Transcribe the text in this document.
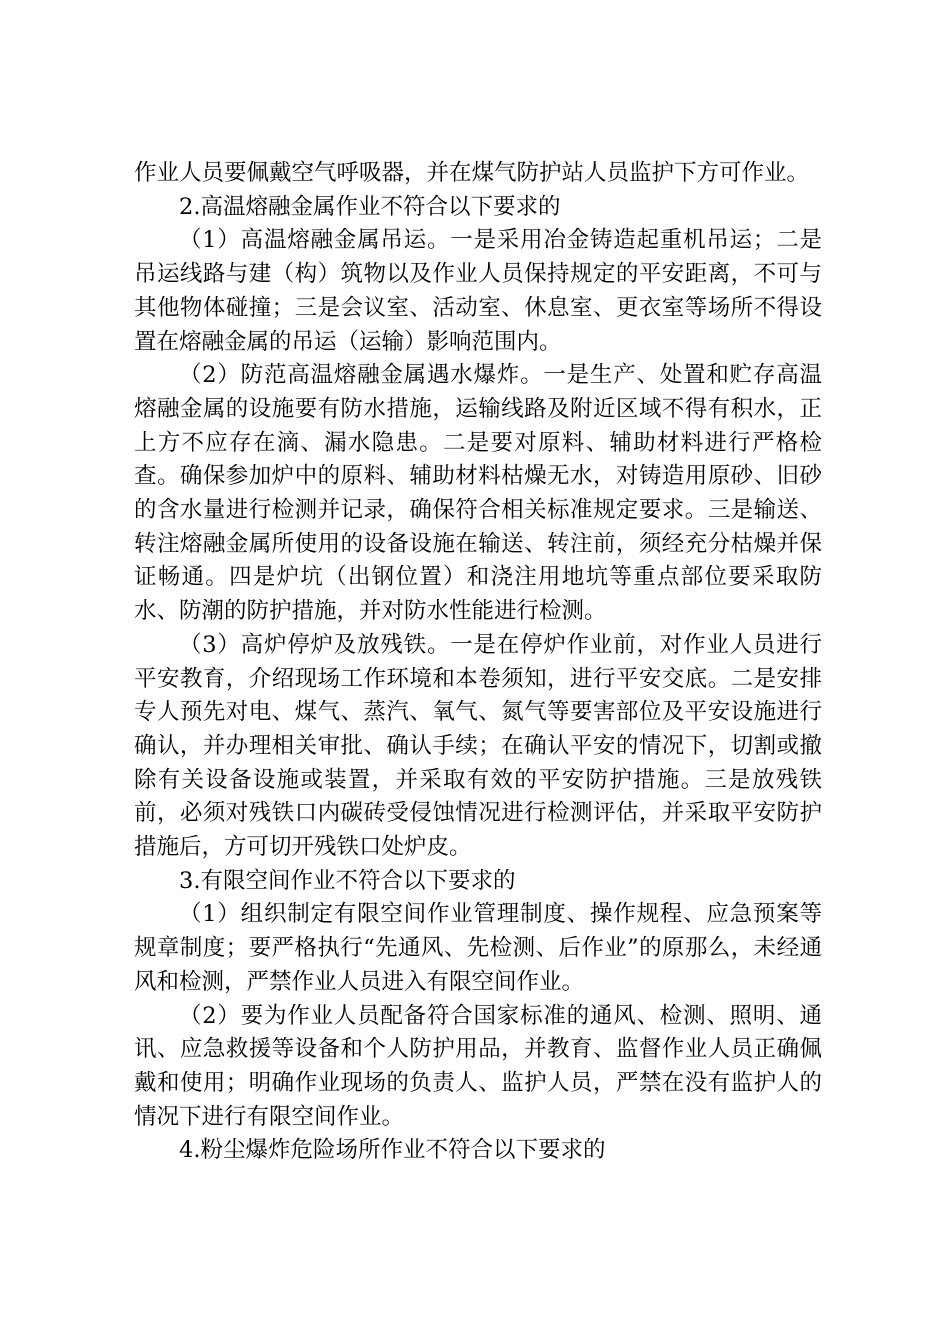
作业人员要佩戴空气呼吸器，并在煤气防护站人员监护下方可作业。

2.高温熔融金属作业不符合以下要求的

（1）高温熔融金属吊运。一是采用冶金铸造起重机吊运；二是吊运线路与建（构）筑物以及作业人员保持规定的平安距离，不可与其他物体碰撞；三是会议室、活动室、休息室、更衣室等场所不得设置在熔融金属的吊运（运输）影响范围内。

（2）防范高温熔融金属遇水爆炸。一是生产、处置和贮存高温熔融金属的设施要有防水措施，运输线路及附近区域不得有积水，正上方不应存在滴、漏水隐患。二是要对原料、辅助材料进行严格检查。确保参加炉中的原料、辅助材料枯燥无水，对铸造用原砂、旧砂的含水量进行检测并记录，确保符合相关标准规定要求。三是输送、转注熔融金属所使用的设备设施在输送、转注前，须经充分枯燥并保证畅通。四是炉坑（出钢位置）和浇注用地坑等重点部位要采取防水、防潮的防护措施，并对防水性能进行检测。

（3）高炉停炉及放残铁。一是在停炉作业前，对作业人员进行平安教育，介绍现场工作环境和本卷须知，进行平安交底。二是安排专人预先对电、煤气、蒸汽、氧气、氮气等要害部位及平安设施进行确认，并办理相关审批、确认手续；在确认平安的情况下，切割或撤除有关设备设施或装置，并采取有效的平安防护措施。三是放残铁前，必须对残铁口内碳砖受侵蚀情况进行检测评估，并采取平安防护措施后，方可切开残铁口处炉皮。

3.有限空间作业不符合以下要求的

（1）组织制定有限空间作业管理制度、操作规程、应急预案等规章制度；要严格执行“先通风、先检测、后作业”的原那么，未经通风和检测，严禁作业人员进入有限空间作业。

（2）要为作业人员配备符合国家标准的通风、检测、照明、通讯、应急救援等设备和个人防护用品，并教育、监督作业人员正确佩戴和使用；明确作业现场的负责人、监护人员，严禁在没有监护人的情况下进行有限空间作业。

4.粉尘爆炸危险场所作业不符合以下要求的
